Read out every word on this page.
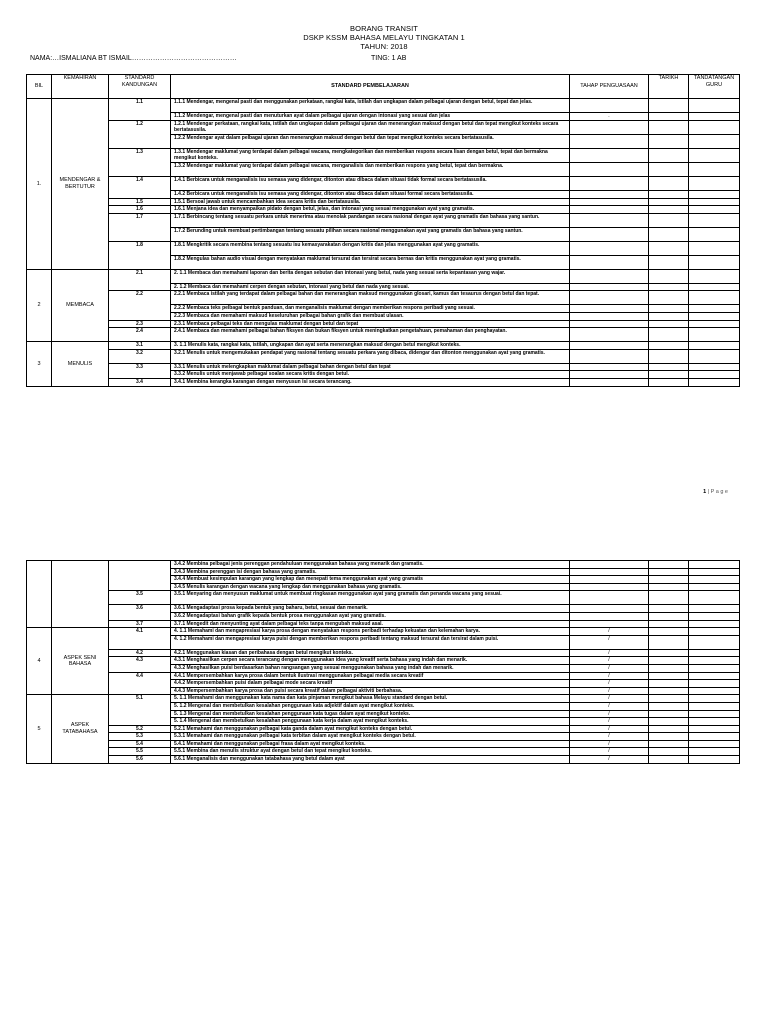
BORANG TRANSIT
DSKP KSSM BAHASA MELAYU TINGKATAN 1
TAHUN: 2018
NAMA:…ISMALIANA BT ISMAIL………………………………………	TING: 1 AB
BIL	KEMAHIRAN	STANDARD KANDUNGAN	STANDARD PEMBELAJARAN	TAHAP PENGUASAAN	TARIKH	TANDATANGAN GURU
1.	MENDENGAR & BERTUTUR	1.1	1.1.1 Mendengar, mengenal pasti dan menggunakan perkataan, rangkai kata, istilah dan ungkapan dalam pelbagai ujaran dengan betul, tepat dan jelas.			
			1.1.2 Mendengar, mengenal pasti dan menuturkan ayat dalam pelbagai ujaran dengan intonasi yang sesuai dan jelas	.		
		1.2	1.2.1 Mendengar perkataan, rangkai kata, istilah dan ungkapan dalam pelbagai ujaran dan menerangkan maksud dengan betul dan tepat mengikut konteks secara bertatasusila.			
			1.2.2 Mendengar ayat dalam pelbagai ujaran dan menerangkan maksud dengan betul dan tepat mengikut konteks secara bertatasusila.			
		1.3	1.3.1 Mendengar maklumat yang terdapat dalam pelbagai wacana, mengkategorikan dan memberikan respons secara lisan dengan betul, tepat dan bermakna mengikut konteks.			
			1.3.2 Mendengar maklumat yang terdapat dalam pelbagai wacana, menganalisis dan memberikan respons yang betul, tepat dan bermakna.			
		1.4	1.4.1 Berbicara untuk menganalisis isu semasa yang didengar, ditonton atau dibaca dalam situasi tidak formal secara bertatasusila.			
			1.4.2 Berbicara untuk menganalisis isu semasa yang didengar, ditonton atau dibaca dalam situasi formal secara bertatasusila.			
		1.5	1.5.1 Bersoal jawab untuk mencambahkan idea secara kritis dan bertatasusila.			
		1.6	1.6.1 Menjana idea dan menyampaikan pidato dengan betul, jelas, dan intonasi yang sesuai menggunakan ayat yang gramatis.			
		1.7	1.7.1 Berbincang tentang sesuatu perkara untuk menerima atau menolak pandangan secara rasional dengan ayat yang gramatis dan bahasa yang santun.			
			1.7.2 Berunding untuk membuat pertimbangan tentang sesuatu pilihan secara rasional menggunakan ayat yang gramatis dan bahasa yang santun.			
		1.8	1.8.1 Mengkritik secara membina tentang sesuatu isu kemasyarakatan dengan kritis dan jelas menggunakan ayat yang gramatis.			
			1.8.2 Mengulas bahan audio visual dengan menyatakan maklumat tersurat dan tersirat secara bernas dan kritis menggunakan ayat yang gramatis.			
2	MEMBACA	2.1	2. 1.1 Membaca dan memahami laporan dan berita dengan sebutan dan intonasi yang betul, nada yang sesuai serta kepantasan yang wajar.			
			2. 1.2 Membaca dan memahami cerpen dengan sebutan, intonasi yang betul dan nada yang sesuai.			
		2.2	2.2.1 Membaca istilah yang terdapat dalam pelbagai bahan dan menerangkan maksud menggunakan glosari, kamus dan tesaurus dengan betul dan tepat.			
			2.2.2 Membaca teks pelbagai bentuk panduan, dan menganalisis maklumat dengan memberikan respons peribadi yang sesuai.			
			2.2.3 Membaca dan memahami maksud keseluruhan pelbagai bahan grafik dan membuat ulasan.			
		2.3	2.3.1 Membaca pelbagai teks dan mengulas maklumat dengan betul dan tepat			
		2.4	2.4.1 Membaca dan memahami pelbagai bahan fiksyen dan bukan fiksyen untuk meningkatkan pengetahuan, pemahaman dan penghayatan.			
3	MENULIS	3.1	3. 1.1 Menulis kata, rangkai kata, istilah, ungkapan dan ayat serta menerangkan maksud dengan betul mengikut konteks.			
		3.2	3.2.1 Menulis untuk mengemukakan pendapat yang rasional tentang sesuatu perkara yang dibaca, didengar dan ditonton menggunakan ayat yang gramatis.			
		3.3	3.3.1 Menulis untuk melengkapkan maklumat dalam pelbagai bahan dengan betul dan tepat			
			3.3.2 Menulis untuk menjawab pelbagai soalan secara kritis dengan betul.			
		3.4	3.4.1 Membina kerangka karangan dengan menyusun isi secara terancang.			
1 | P a g e
			3.4.2 Membina pelbagai jenis perenggan pendahuluan menggunakan bahasa yang menarik dan gramatis.			
			3.4.3 Membina perenggan isi dengan bahasa yang gramatis.			
			3.4.4 Membuat kesimpulan karangan yang lengkap dan menepati tema menggunakan ayat yang gramatis			
			3.4.5 Menulis karangan dengan wacana yang lengkap dan menggunakan bahasa yang gramatis.			
		3.5	3.5.1 Menyaring dan menyusun maklumat untuk membuat ringkasan menggunakan ayat yang gramatis dan penanda wacana yang sesuai.			
		3.6	3.6.1 Mengadaptasi prosa kepada bentuk yang baharu, betul, sesuai dan menarik.			
			3.6.2 Mengadaptasi bahan grafik kepada bentuk prosa menggunakan ayat yang gramatis.			
		3.7	3.7.1 Mengedit dan menyunting ayat dalam pelbagai teks tanpa mengubah maksud asal.			
4	ASPEK SENI BAHASA	4.1	4. 1.1 Memahami dan mengapresiasi karya prosa dengan menyatakan respons peribadi terhadap kekuatan dan kelemahan karya.	/		
			4. 1.2 Memahami dan mengapresiasi karya puisi dengan memberikan respons peribadi tentang maksud tersurat dan tersirat dalam puisi.	/		
		4.2	4.2.1 Menggunakan kiasan dan peribahasa dengan betul mengikut konteks.	/		
		4.3	4.3.1 Menghasilkan cerpen secara terancang dengan menggunakan idea yang kreatif serta bahasa yang indah dan menarik.	/		
			4.3.2 Menghasilkan puisi berdasarkan bahan rangsangan yang sesuai menggunakan bahasa yang indah dan menarik.	/		
		4.4	4.4.1 Mempersembahkan karya prosa dalam bentuk ilustrasi menggunakan pelbagai media secara kreatif	/		
			4.4.2 Mempersembahkan puisi dalam pelbagai mode secara kreatif	/		
			4.4.3 Mempersembahkan karya prosa dan puisi secara kreatif dalam pelbagai aktiviti berbahasa.	/		
5	ASPEK TATABAHASA	5.1	5. 1.1 Memahami dan menggunakan kata nama dan kata pinjaman mengikut bahasa Melayu standard dengan betul.	/		
			5. 1.2 Mengenal dan membetulkan kesalahan penggunaan kata adjektif dalam ayat mengikut konteks.	/		
			5. 1.3 Mengenal dan membetulkan kesalahan penggunaan kata tugas dalam ayat mengikut konteks.	/		
			5. 1.4 Mengenal dan membetulkan kesalahan penggunaan kata kerja dalam ayat mengikut konteks.	/		
		5.2	5.2.1 Memahami dan menggunakan pelbagai kata ganda dalam ayat mengikut konteks dengan betul.	/		
		5.3	5.3.1 Memahami dan menggunakan pelbagai kata terbitan dalam ayat mengikut konteks dengan betul.	/		
		5.4	5.4.1 Memahami dan menggunakan pelbagai frasa dalam ayat mengikut konteks.	/		
		5.5	5.5.1 Membina dan menulis struktur ayat dengan betul dan tepat mengikut konteks.	/		
		5.6	5.6.1 Menganalisis dan menggunakan tatabahasa yang betul dalam ayat	/		
